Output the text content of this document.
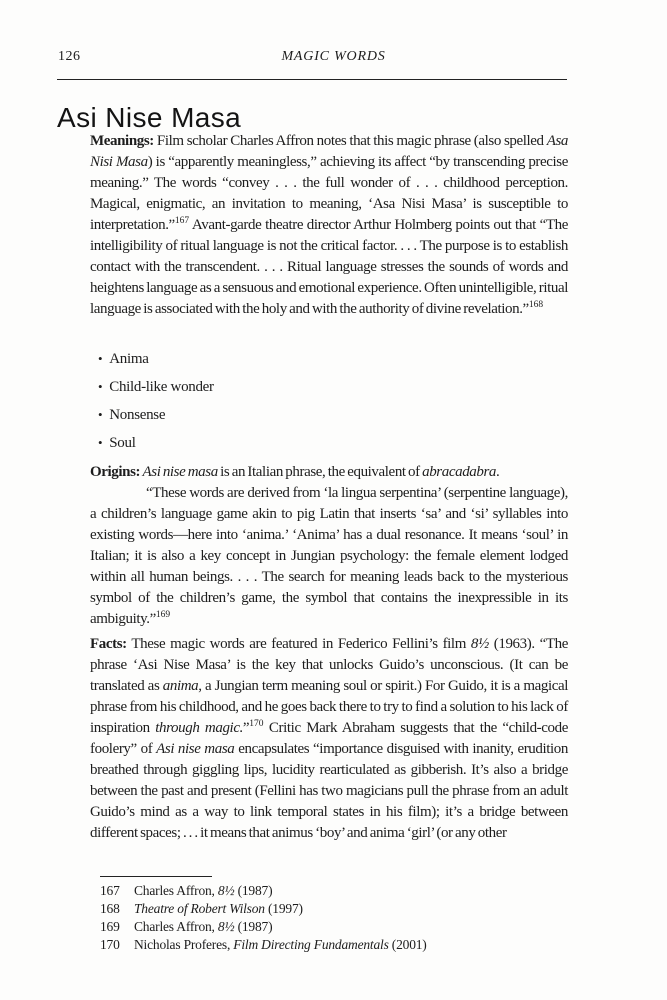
126	MAGIC WORDS
Asi Nise Masa

Meanings: Film scholar Charles Affron notes that this magic phrase (also spelled Asa Nisi Masa) is “apparently meaningless,” achieving its affect “by transcending precise meaning.” The words “convey . . . the full wonder of . . . childhood perception. Magical, enigmatic, an invitation to meaning, ‘Asa Nisi Masa’ is susceptible to interpretation.”$^{167}$ Avant-garde theatre director Arthur Holmberg points out that “The intelligibility of ritual language is not the critical factor. . . . The purpose is to establish contact with the transcendent. . . . Ritual language stresses the sounds of words and heightens language as a sensuous and emotional experience. Often unintelligible, ritual language is associated with the holy and with the authority of divine revelation.”$^{168}$

• Anima
• Child-like wonder
• Nonsense
• Soul

Origins: Asi nise masa is an Italian phrase, the equivalent of abracadabra.

“These words are derived from ‘la lingua serpentina’ (serpentine language), a children’s language game akin to pig Latin that inserts ‘sa’ and ‘si’ syllables into existing words—here into ‘anima.’ ‘Anima’ has a dual resonance. It means ‘soul’ in Italian; it is also a key concept in Jungian psychology: the female element lodged within all human beings. . . . The search for meaning leads back to the mysterious symbol of the children’s game, the symbol that contains the inexpressible in its ambiguity.”$^{169}$

Facts: These magic words are featured in Federico Fellini’s film 8½ (1963). “The phrase ‘Asi Nise Masa’ is the key that unlocks Guido’s unconscious. (It can be translated as anima, a Jungian term meaning soul or spirit.) For Guido, it is a magical phrase from his childhood, and he goes back there to try to find a solution to his lack of inspiration through magic.”$^{170}$ Critic Mark Abraham suggests that the “child-code foolery” of Asi nise masa encapsulates “importance disguised with inanity, erudition breathed through giggling lips, lucidity rearticulated as gibberish. It’s also a bridge between the past and present (Fellini has two magicians pull the phrase from an adult Guido’s mind as a way to link temporal states in his film); it’s a bridge between different spaces; . . . it means that animus ‘boy’ and anima ‘girl’ (or any other

167	Charles Affron, 8½ (1987)
168	Theatre of Robert Wilson (1997)
169	Charles Affron, 8½ (1987)
170	Nicholas Proferes, Film Directing Fundamentals (2001)
